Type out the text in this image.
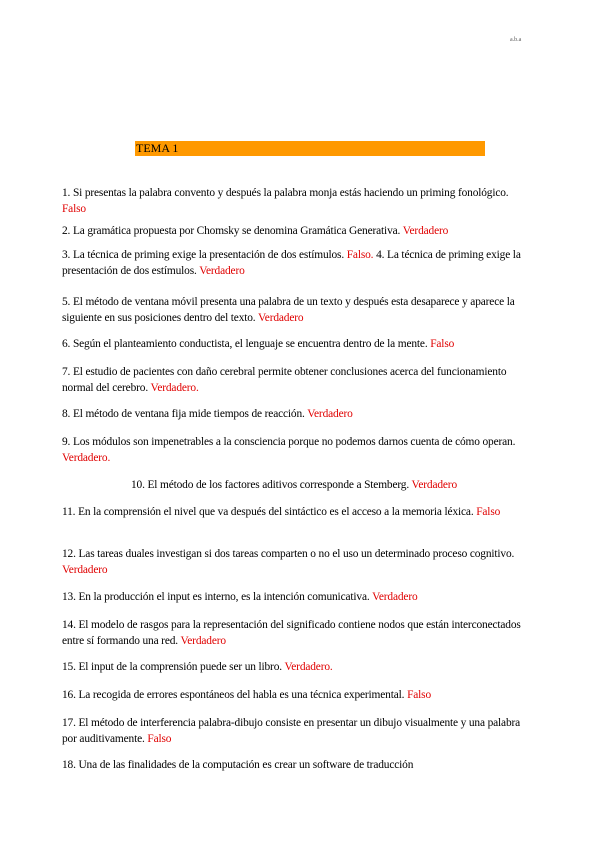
a.b.a
TEMA 1
1. Si presentas la palabra convento y después la palabra monja estás haciendo un priming fonológico. Falso
2. La gramática propuesta por Chomsky se denomina Gramática Generativa. Verdadero
3. La técnica de priming exige la presentación de dos estímulos. Falso. 4. La técnica de priming exige la presentación de dos estímulos. Verdadero
5. El método de ventana móvil presenta una palabra de un texto y después esta desaparece y aparece la siguiente en sus posiciones dentro del texto. Verdadero
6. Según el planteamiento conductista, el lenguaje se encuentra dentro de la mente. Falso
7. El estudio de pacientes con daño cerebral permite obtener conclusiones acerca del funcionamiento normal del cerebro. Verdadero.
8. El método de ventana fija mide tiempos de reacción. Verdadero
9. Los módulos son impenetrables a la consciencia porque no podemos darnos cuenta de cómo operan. Verdadero.
10. El método de los factores aditivos corresponde a Stemberg. Verdadero
11. En la comprensión el nivel que va después del sintáctico es el acceso a la memoria léxica. Falso
12. Las tareas duales investigan si dos tareas comparten o no el uso un determinado proceso cognitivo. Verdadero
13. En la producción el input es interno, es la intención comunicativa. Verdadero
14. El modelo de rasgos para la representación del significado contiene nodos que están interconectados entre sí formando una red. Verdadero
15. El input de la comprensión puede ser un libro. Verdadero.
16. La recogida de errores espontáneos del habla es una técnica experimental. Falso
17. El método de interferencia palabra-dibujo consiste en presentar un dibujo visualmente y una palabra por auditivamente. Falso
18. Una de las finalidades de la computación es crear un software de traducción
